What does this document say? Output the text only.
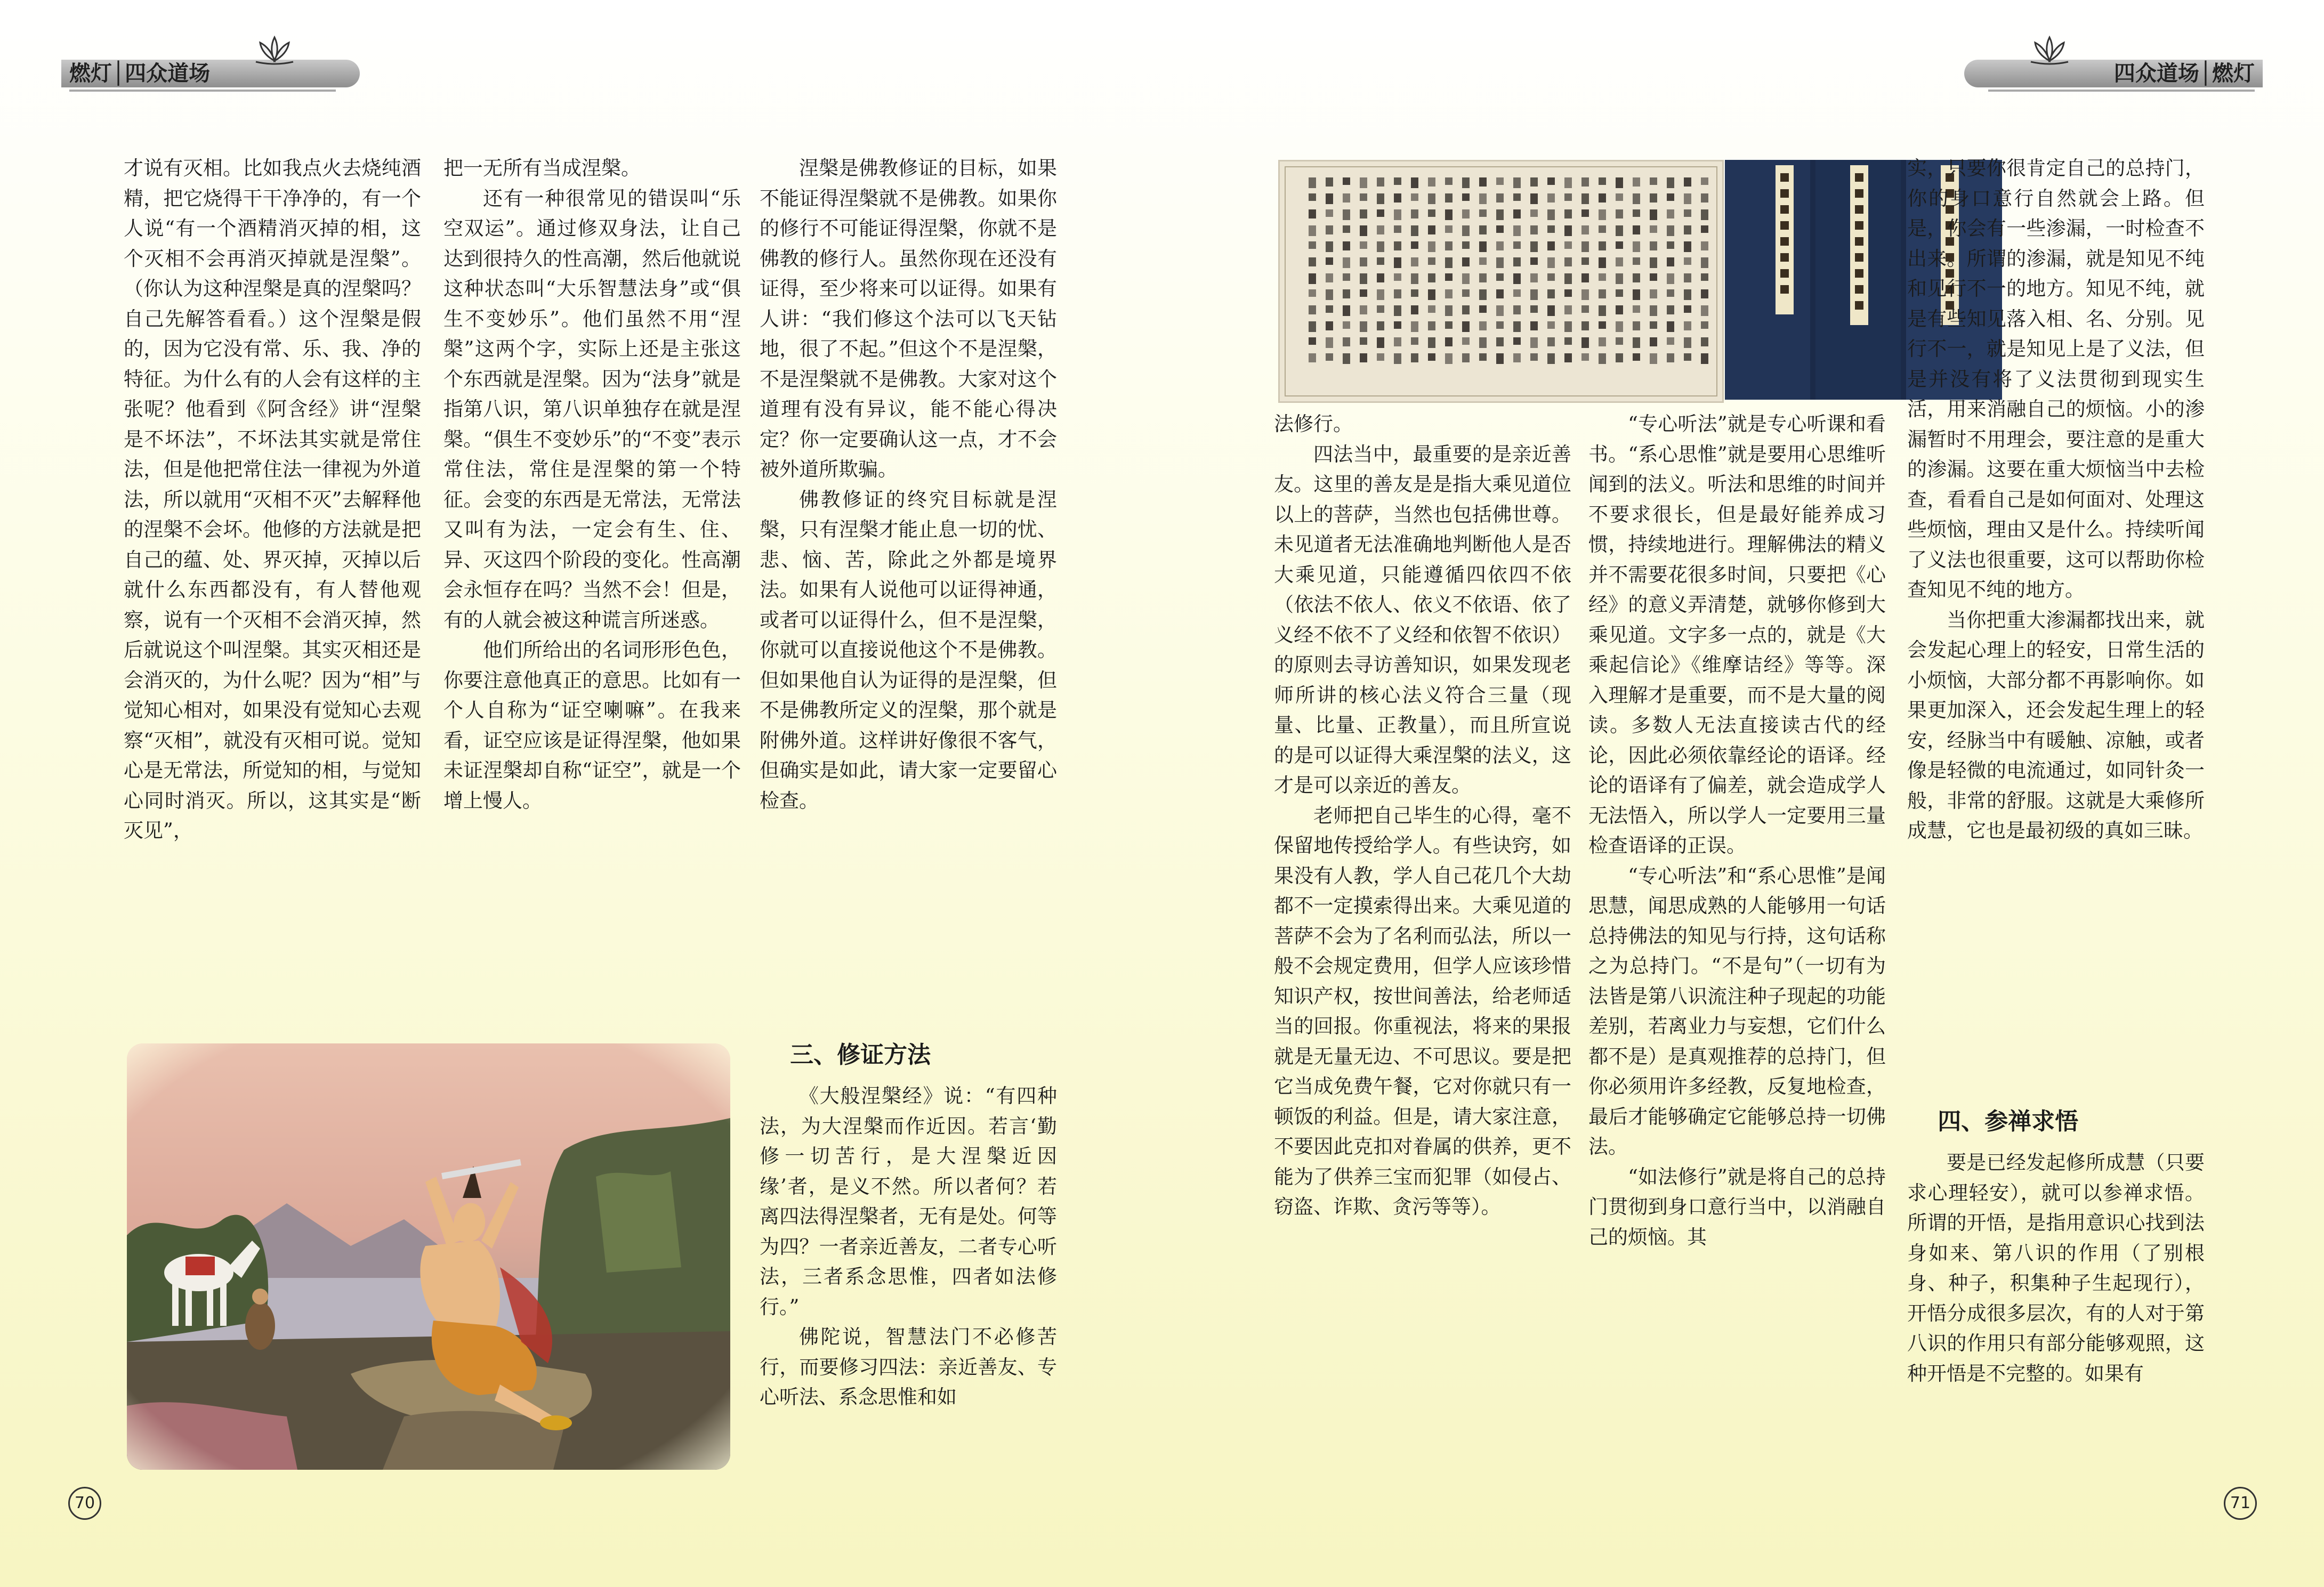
燃灯│四众道场

才说有灭相。比如我点火去烧纯酒精，把它烧得干干净净的，有一个人说“有一个酒精消灭掉的相，这个灭相不会再消灭掉就是涅槃”。（你认为这种涅槃是真的涅槃吗？自己先解答看看。）这个涅槃是假的，因为它没有常、乐、我、净的特征。为什么有的人会有这样的主张呢？他看到《阿含经》讲“涅槃是不坏法”，不坏法其实就是常住法，但是他把常住法一律视为外道法，所以就用“灭相不灭”去解释他的涅槃不会坏。他修的方法就是把自己的蕴、处、界灭掉，灭掉以后就什么东西都没有，有人替他观察，说有一个灭相不会消灭掉，然后就说这个叫涅槃。其实灭相还是会消灭的，为什么呢？因为“相”与觉知心相对，如果没有觉知心去观察“灭相”，就没有灭相可说。觉知心是无常法，所觉知的相，与觉知心同时消灭。所以，这其实是“断灭见”，

把一无所有当成涅槃。

还有一种很常见的错误叫“乐空双运”。通过修双身法，让自己达到很持久的性高潮，然后他就说这种状态叫“大乐智慧法身”或“俱生不变妙乐”。他们虽然不用“涅槃”这两个字，实际上还是主张这个东西就是涅槃。因为“法身”就是指第八识，第八识单独存在就是涅槃。“俱生不变妙乐”的“不变”表示常住法，常住是涅槃的第一个特征。会变的东西是无常法，无常法又叫有为法，一定会有生、住、异、灭这四个阶段的变化。性高潮会永恒存在吗？当然不会！但是，有的人就会被这种谎言所迷惑。

他们所给出的名词形形色色，你要注意他真正的意思。比如有一个人自称为“证空喇嘛”。在我来看，证空应该是证得涅槃，他如果未证涅槃却自称“证空”，就是一个增上慢人。

涅槃是佛教修证的目标，如果不能证得涅槃就不是佛教。如果你的修行不可能证得涅槃，你就不是佛教的修行人。虽然你现在还没有证得，至少将来可以证得。如果有人讲：“我们修这个法可以飞天钻地，很了不起。”但这个不是涅槃，不是涅槃就不是佛教。大家对这个道理有没有异议，能不能心得决定？你一定要确认这一点，才不会被外道所欺骗。

佛教修证的终究目标就是涅槃，只有涅槃才能止息一切的忧、悲、恼、苦，除此之外都是境界法。如果有人说他可以证得神通，或者可以证得什么，但不是涅槃，你就可以直接说他这个不是佛教。但如果他自认为证得的是涅槃，但不是佛教所定义的涅槃，那个就是附佛外道。这样讲好像很不客气，但确实是如此，请大家一定要留心检查。

三、修证方法

《大般涅槃经》说：“有四种法，为大涅槃而作近因。若言‘勤修一切苦行，是大涅槃近因缘’者，是义不然。所以者何？若离四法得涅槃者，无有是处。何等为四？一者亲近善友，二者专心听法，三者系念思惟，四者如法修行。”

佛陀说，智慧法门不必修苦行，而要修习四法：亲近善友、专心听法、系念思惟和如

70
四众道场│燃灯

法修行。

四法当中，最重要的是亲近善友。这里的善友是是指大乘见道位以上的菩萨，当然也包括佛世尊。未见道者无法准确地判断他人是否大乘见道，只能遵循四依四不依（依法不依人、依义不依语、依了义经不依不了义经和依智不依识）的原则去寻访善知识，如果发现老师所讲的核心法义符合三量（现量、比量、正教量），而且所宣说的是可以证得大乘涅槃的法义，这才是可以亲近的善友。

老师把自己毕生的心得，毫不保留地传授给学人。有些诀窍，如果没有人教，学人自己花几个大劫都不一定摸索得出来。大乘见道的菩萨不会为了名利而弘法，所以一般不会规定费用，但学人应该珍惜知识产权，按世间善法，给老师适当的回报。你重视法，将来的果报就是无量无边、不可思议。要是把它当成免费午餐，它对你就只有一顿饭的利益。但是，请大家注意，不要因此克扣对眷属的供养，更不能为了供养三宝而犯罪（如侵占、窃盗、诈欺、贪污等等）。

“专心听法”就是专心听课和看书。“系心思惟”就是要用心思维听闻到的法义。听法和思维的时间并不要求很长，但是最好能养成习惯，持续地进行。理解佛法的精义并不需要花很多时间，只要把《心经》的意义弄清楚，就够你修到大乘见道。文字多一点的，就是《大乘起信论》《维摩诘经》等等。深入理解才是重要，而不是大量的阅读。多数人无法直接读古代的经论，因此必须依靠经论的语译。经论的语译有了偏差，就会造成学人无法悟入，所以学人一定要用三量检查语译的正误。

“专心听法”和“系心思惟”是闻思慧，闻思成熟的人能够用一句话总持佛法的知见与行持，这句话称之为总持门。“不是句”（一切有为法皆是第八识流注种子现起的功能差别，若离业力与妄想，它们什么都不是）是真观推荐的总持门，但你必须用许多经教，反复地检查，最后才能够确定它能够总持一切佛法。

“如法修行”就是将自己的总持门贯彻到身口意行当中，以消融自己的烦恼。其

实，只要你很肯定自己的总持门，你的身口意行自然就会上路。但是，你会有一些渗漏，一时检查不出来。所谓的渗漏，就是知见不纯和见行不一的地方。知见不纯，就是有些知见落入相、名、分别。见行不一，就是知见上是了义法，但是并没有将了义法贯彻到现实生活，用来消融自己的烦恼。小的渗漏暂时不用理会，要注意的是重大的渗漏。这要在重大烦恼当中去检查，看看自己是如何面对、处理这些烦恼，理由又是什么。持续听闻了义法也很重要，这可以帮助你检查知见不纯的地方。

当你把重大渗漏都找出来，就会发起心理上的轻安，日常生活的小烦恼，大部分都不再影响你。如果更加深入，还会发起生理上的轻安，经脉当中有暖触、凉触，或者像是轻微的电流通过，如同针灸一般，非常的舒服。这就是大乘修所成慧，它也是最初级的真如三昧。

四、参禅求悟

要是已经发起修所成慧（只要求心理轻安），就可以参禅求悟。所谓的开悟，是指用意识心找到法身如来、第八识的作用（了别根身、种子，积集种子生起现行），开悟分成很多层次，有的人对于第八识的作用只有部分能够观照，这种开悟是不完整的。如果有

71
